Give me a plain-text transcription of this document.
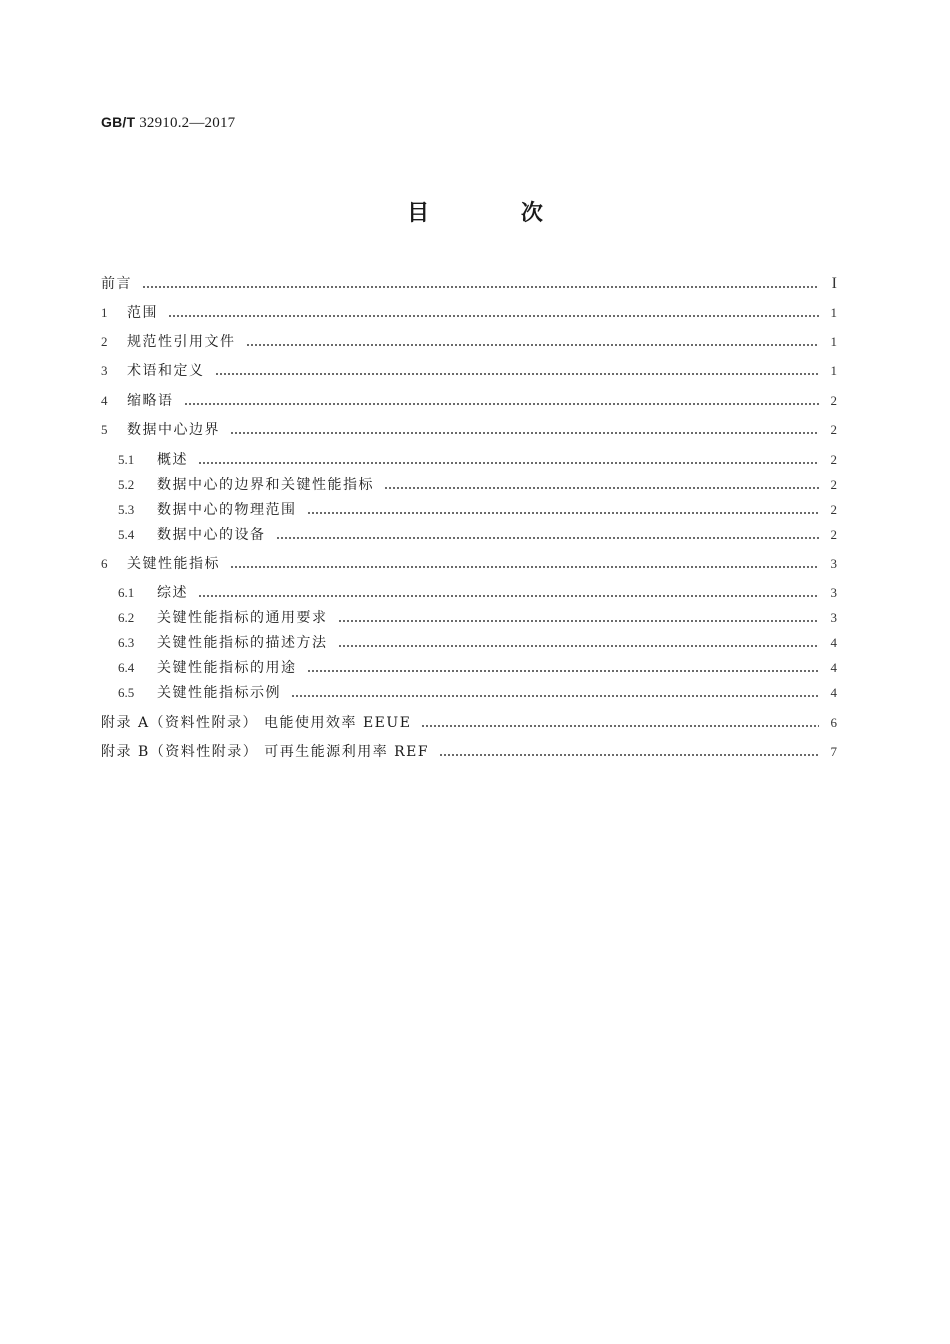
GB/T 32910.2—2017
目 次
前言	I
1	范围	1
2	规范性引用文件	1
3	术语和定义	1
4	缩略语	2
5	数据中心边界	2
5.1	概述	2
5.2	数据中心的边界和关键性能指标	2
5.3	数据中心的物理范围	2
5.4	数据中心的设备	2
6	关键性能指标	3
6.1	综述	3
6.2	关键性能指标的通用要求	3
6.3	关键性能指标的描述方法	4
6.4	关键性能指标的用途	4
6.5	关键性能指标示例	4
附录 A（资料性附录） 电能使用效率 EEUE	6
附录 B（资料性附录） 可再生能源利用率 REF	7
